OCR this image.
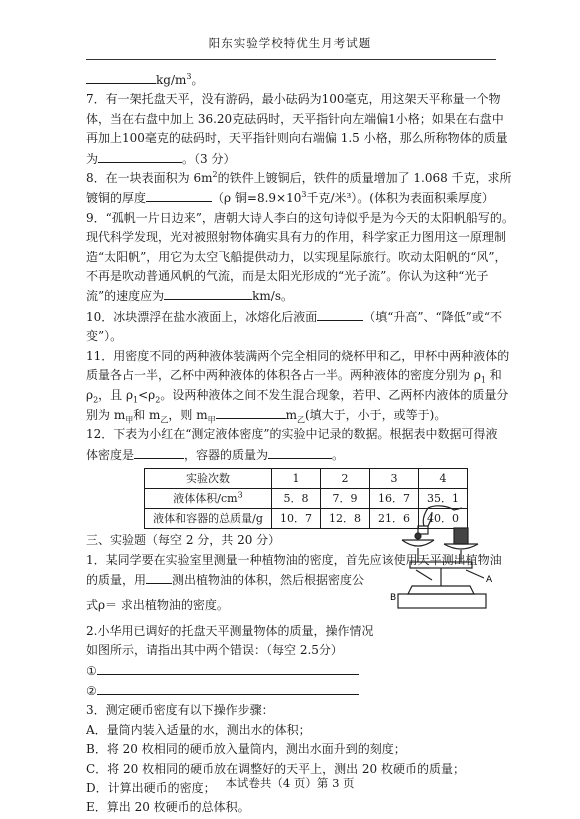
阳东实验学校特优生月考试题
$kg/m^3$。
7．有一架托盘天平，没有游码，最小砝码为100毫克，用这架天平称量一个物
体，当在右盘中加上 36.20克砝码时，天平指针向左端偏1小格；如果在右盘中
再加上100毫克的砝码时，天平指针则向右端偏 1.5 小格，那么所称物体的质量
为	。（3 分）
8．在一块表面积为 $6m^2$的铁件上镀铜后，铁件的质量增加了 1.068 千克，求所
镀铜的厚度	（ρ 铜$=8.9\times 10^3$千克/米³）。(体积为表面积乘厚度）
9．“孤帆一片日边来”，唐朝大诗人李白的这句诗似乎是为今天的太阳帆船写的。
现代科学发现，光对被照射物体确实具有力的作用，科学家正力图用这一原理制
造“太阳帆”，用它为太空飞船提供动力，以实现星际旅行。吹动太阳帆的“风”，
不再是吹动普通风帆的气流，而是太阳光形成的“光子流”。你认为这种“光子
流”的速度应为	km/s。
10．冰块漂浮在盐水液面上，冰熔化后液面	（填“升高”、“降低”或“不
变”）。
11．用密度不同的两种液体装满两个完全相同的烧杯甲和乙，甲杯中两种液体的
质量各占一半，乙杯中两种液体的体积各占一半。两种液体的密度分别为 $\rho_1$ 和
$\rho_2$，且 $\rho_1<\rho_2$。设两种液体之间不发生混合现象，若甲、乙两杯内液体的质量分
别为 $m_甲$和 $m_乙$，则 $m_甲$	$m_乙$(填大于，小于，或等于)。
12．下表为小红在“测定液体密度”的实验中记录的数据。根据表中数据可得液
体密度是	，容器的质量为	。
实验次数	1	2	3	4
液体体积$/cm^3$	5．8	7．9	16．7	35．1
液体和容器的总质量/g	10．7	12．8	21．6	40．0
三、实验题（每空 2 分，共 20 分）
1．某同学要在实验室里测量一种植物油的密度，首先应该使用天平测出植物油
的质量，用 测出植物油的体积，然后根据密度公
式ρ＝ 求出植物油的密度。
2.小华用已调好的托盘天平测量物体的质量，操作情况
如图所示，请指出其中两个错误：（每空 2.5分）
①
②
3．测定硬币密度有以下操作步骤：
A．量筒内装入适量的水，测出水的体积；
B．将 20 枚相同的硬币放入量筒内，测出水面升到的刻度；
C．将 20 枚相同的硬币放在调整好的天平上，测出 20 枚硬币的质量；
D．计算出硬币的密度；
E．算出 20 枚硬币的总体积。
A
B
本试卷共（4 页）第 3 页
